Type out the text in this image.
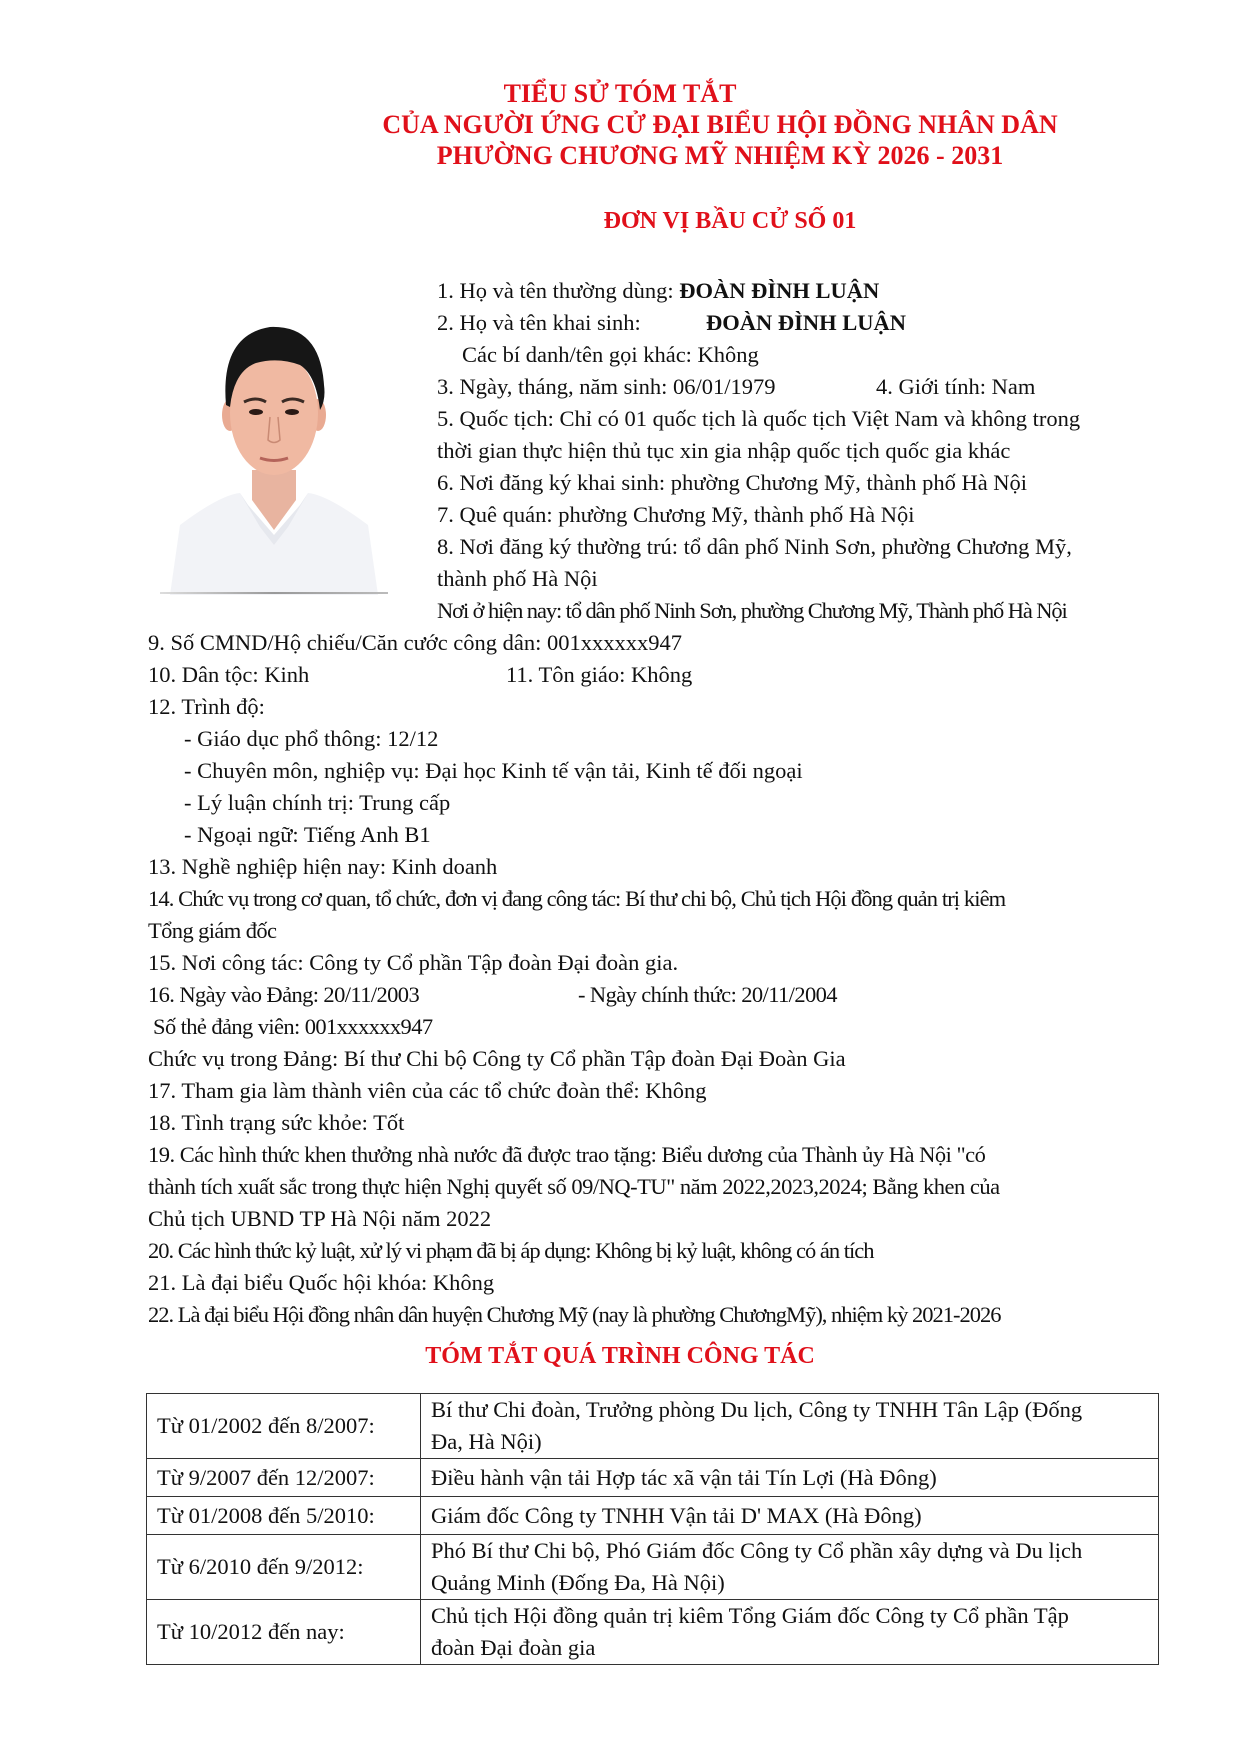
TIỂU SỬ TÓM TẮT
CỦA NGƯỜI ỨNG CỬ ĐẠI BIỂU HỘI ĐỒNG NHÂN DÂN
PHƯỜNG CHƯƠNG MỸ NHIỆM KỲ 2026 - 2031
ĐƠN VỊ BẦU CỬ SỐ 01
1. Họ và tên thường dùng: ĐOÀN ĐÌNH LUẬN
2. Họ và tên khai sinh:	ĐOÀN ĐÌNH LUẬN
Các bí danh/tên gọi khác: Không
3. Ngày, tháng, năm sinh: 06/01/1979	4. Giới tính: Nam
5. Quốc tịch: Chỉ có 01 quốc tịch là quốc tịch Việt Nam và không trong
thời gian thực hiện thủ tục xin gia nhập quốc tịch quốc gia khác
6. Nơi đăng ký khai sinh: phường Chương Mỹ, thành phố Hà Nội
7. Quê quán: phường Chương Mỹ, thành phố Hà Nội
8. Nơi đăng ký thường trú: tổ dân phố Ninh Sơn, phường Chương Mỹ,
thành phố Hà Nội
Nơi ở hiện nay: tổ dân phố Ninh Sơn, phường Chương Mỹ, Thành phố Hà Nội
9. Số CMND/Hộ chiếu/Căn cước công dân: 001xxxxxx947
10. Dân tộc: Kinh	11. Tôn giáo: Không
12. Trình độ:
- Giáo dục phổ thông: 12/12
- Chuyên môn, nghiệp vụ: Đại học Kinh tế vận tải, Kinh tế đối ngoại
- Lý luận chính trị: Trung cấp
- Ngoại ngữ: Tiếng Anh B1
13. Nghề nghiệp hiện nay: Kinh doanh
14. Chức vụ trong cơ quan, tổ chức, đơn vị đang công tác: Bí thư chi bộ, Chủ tịch Hội đồng quản trị kiêm
Tổng giám đốc
15. Nơi công tác: Công ty Cổ phần Tập đoàn Đại đoàn gia.
16. Ngày vào Đảng: 20/11/2003	- Ngày chính thức: 20/11/2004
Số thẻ đảng viên: 001xxxxxx947
Chức vụ trong Đảng: Bí thư Chi bộ Công ty Cổ phần Tập đoàn Đại Đoàn Gia
17. Tham gia làm thành viên của các tổ chức đoàn thể: Không
18. Tình trạng sức khỏe: Tốt
19. Các hình thức khen thưởng nhà nước đã được trao tặng: Biểu dương của Thành ủy Hà Nội "có
thành tích xuất sắc trong thực hiện Nghị quyết số 09/NQ-TU" năm 2022,2023,2024; Bằng khen của
Chủ tịch UBND TP Hà Nội năm 2022
20. Các hình thức kỷ luật, xử lý vi phạm đã bị áp dụng: Không bị kỷ luật, không có án tích
21. Là đại biểu Quốc hội khóa: Không
22. Là đại biểu Hội đồng nhân dân huyện Chương Mỹ (nay là phường ChươngMỹ), nhiệm kỳ 2021-2026
TÓM TẮT QUÁ TRÌNH CÔNG TÁC
Từ 01/2002 đến 8/2007:	Bí thư Chi đoàn, Trưởng phòng Du lịch, Công ty TNHH Tân Lập (Đống
Đa, Hà Nội)

Từ 9/2007 đến 12/2007:	Điều hành vận tải Hợp tác xã vận tải Tín Lợi (Hà Đông)
Từ 01/2008 đến 5/2010:	Giám đốc Công ty TNHH Vận tải D' MAX (Hà Đông)
Từ 6/2010 đến 9/2012:	Phó Bí thư Chi bộ, Phó Giám đốc Công ty Cổ phần xây dựng và Du lịch
Quảng Minh (Đống Đa, Hà Nội)

Từ 10/2012 đến nay:	Chủ tịch Hội đồng quản trị kiêm Tổng Giám đốc Công ty Cổ phần Tập
đoàn Đại đoàn gia
